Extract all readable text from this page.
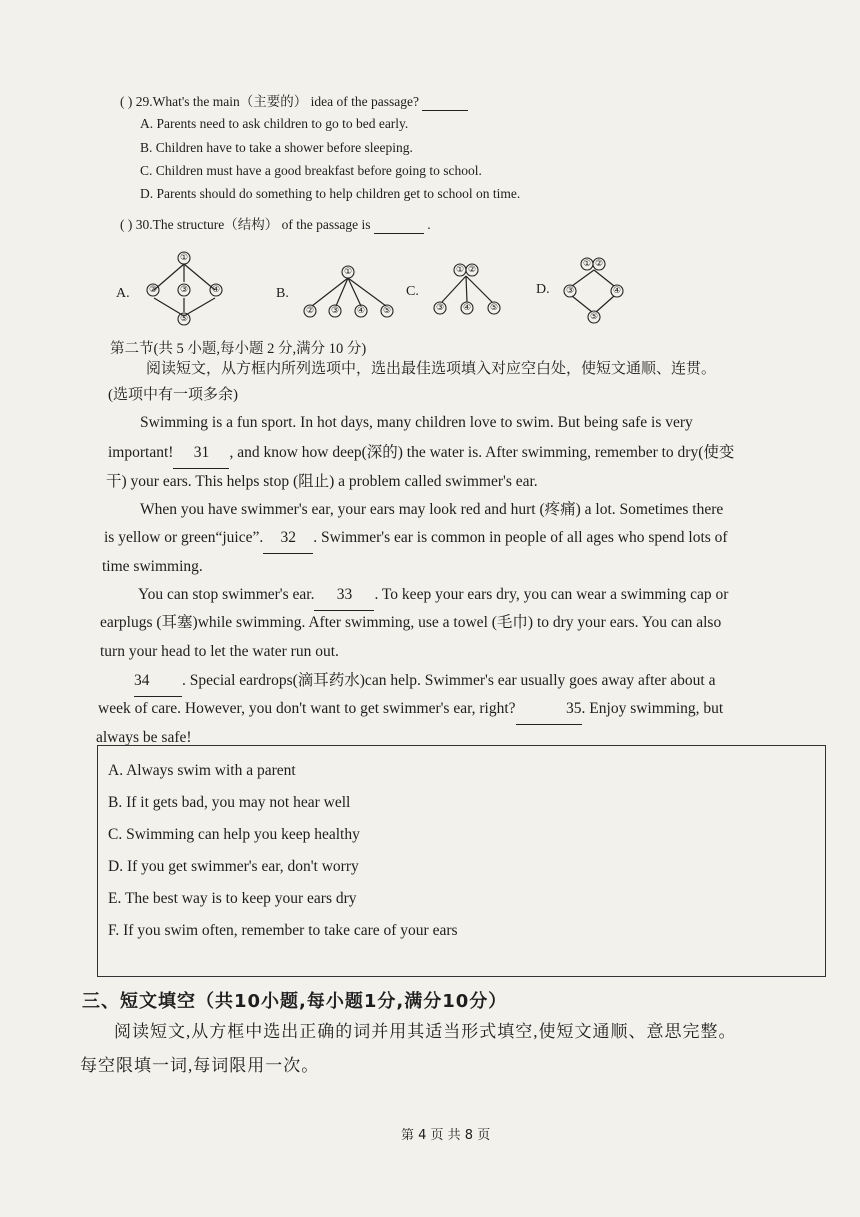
( ) 29.What's the main（主要的） idea of the passage?
A. Parents need to ask children to go to bed early.
B. Children have to take a shower before sleeping.
C. Children must have a good breakfast before going to school.
D. Parents should do something to help children get to school on time.
( ) 30.The structure（结构） of the passage is	.
A.
①
②	③	④
⑤
B.
①
② ③ ④ ⑤
C.
① ②
③ ④ ⑤
D.
① ②
③	④
⑤
第二节(共 5 小题,每小题 2 分,满分 10 分)
阅读短文，从方框内所列选项中，选出最佳选项填入对应空白处，使短文通顺、连贯。
(选项中有一项多余)
Swimming is a fun sport. In hot days, many children love to swim. But being safe is very
important! 31 , and know how deep(深的) the water is. After swimming, remember to dry(使变
干) your ears. This helps stop (阻止) a problem called swimmer's ear.
When you have swimmer's ear, your ears may look red and hurt (疼痛) a lot. Sometimes there
is yellow or green“juice”. 32 . Swimmer's ear is common in people of all ages who spend lots of
time swimming.
You can stop swimmer's ear. 33 . To keep your ears dry, you can wear a swimming cap or
earplugs (耳塞)while swimming. After swimming, use a towel (毛巾) to dry your ears. You can also
turn your head to let the water run out.
34 . Special eardrops(滴耳药水)can help. Swimmer's ear usually goes away after about a
week of care. However, you don't want to get swimmer's ear, right?	35. Enjoy swimming, but
always be safe!
A. Always swim with a parent
B. If it gets bad, you may not hear well
C. Swimming can help you keep healthy
D. If you get swimmer's ear, don't worry
E. The best way is to keep your ears dry
F. If you swim often, remember to take care of your ears
三、短文填空（共10小题,每小题1分,满分10分）
阅读短文,从方框中选出正确的词并用其适当形式填空,使短文通顺、意思完整。
每空限填一词,每词限用一次。
第 4 页 共 8 页
